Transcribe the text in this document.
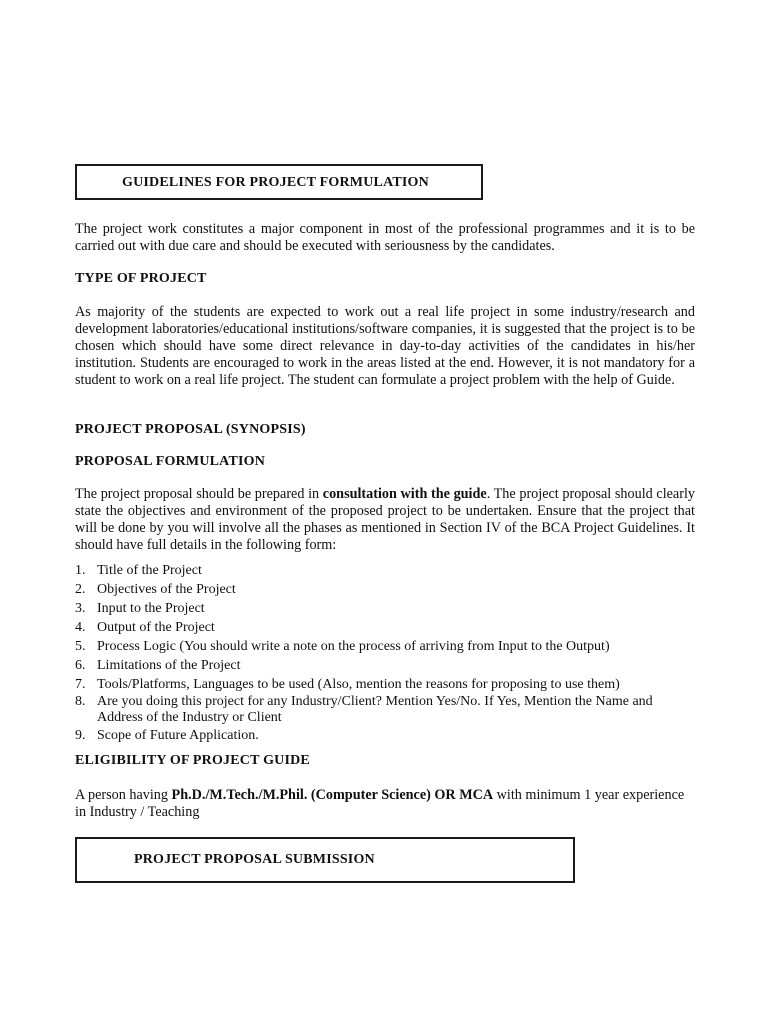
GUIDELINES FOR PROJECT FORMULATION

The project work constitutes a major component in most of the professional programmes and it is to be carried out with due care and should be executed with seriousness by the candidates.

TYPE OF PROJECT

As majority of the students are expected to work out a real life project in some industry/research and development laboratories/educational institutions/software companies, it is suggested that the project is to be chosen which should have some direct relevance in day-to-day activities of the candidates in his/her institution. Students are encouraged to work in the areas listed at the end. However, it is not mandatory for a student to work on a real life project. The student can formulate a project problem with the help of Guide.

PROJECT PROPOSAL (SYNOPSIS)
PROPOSAL FORMULATION

The project proposal should be prepared in consultation with the guide. The project proposal should clearly state the objectives and environment of the proposed project to be undertaken. Ensure that the project that will be done by you will involve all the phases as mentioned in Section IV of the BCA Project Guidelines. It should have full details in the following form:

1. Title of the Project
2. Objectives of the Project
3. Input to the Project
4. Output of the Project
5. Process Logic (You should write a note on the process of arriving from Input to the Output)
6. Limitations of the Project
7. Tools/Platforms, Languages to be used (Also, mention the reasons for proposing to use them)
8. Are you doing this project for any Industry/Client? Mention Yes/No. If Yes, Mention the Name and Address of the Industry or Client
9. Scope of Future Application.
ELIGIBILITY OF PROJECT GUIDE

A person having Ph.D./M.Tech./M.Phil. (Computer Science) OR MCA with minimum 1 year experience in Industry / Teaching

PROJECT PROPOSAL SUBMISSION
